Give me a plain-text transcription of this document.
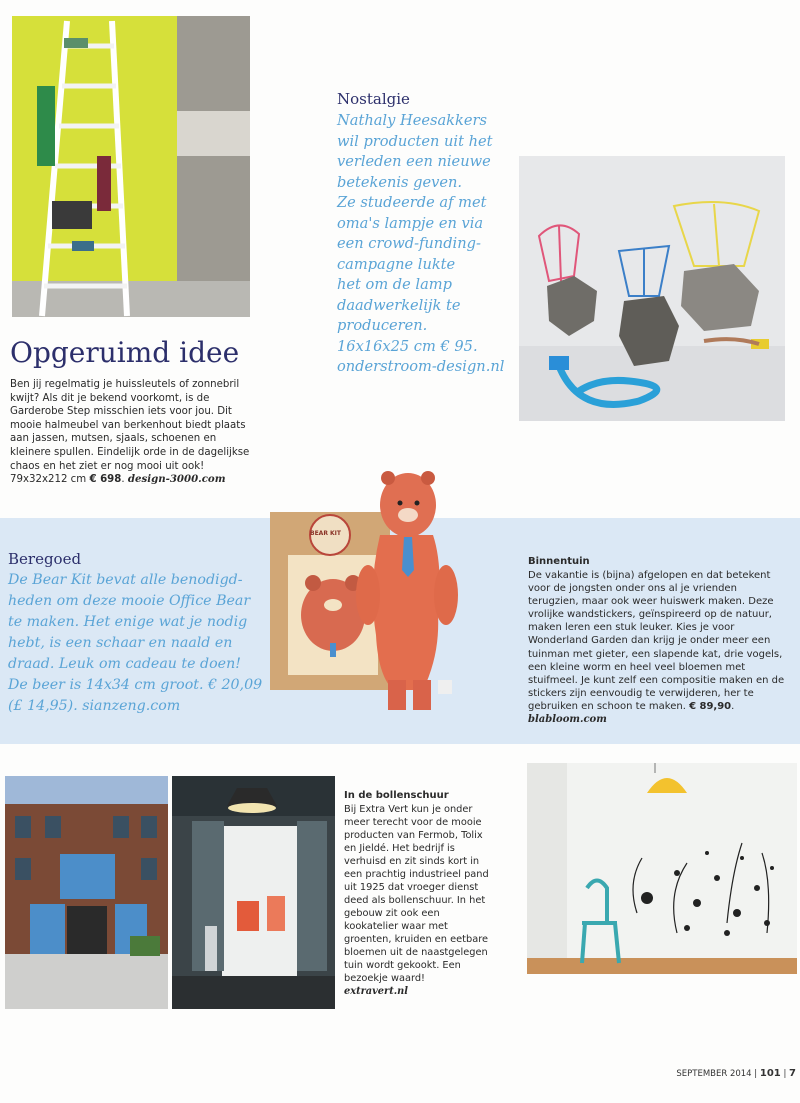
Opgeruimd idee
Ben jij regelmatig je huissleutels of zonnebril kwijt? Als dit je bekend voorkomt, is de Garderobe Step misschien iets voor jou. Dit mooie halmeubel van berkenhout biedt plaats aan jassen, mutsen, sjaals, schoenen en kleinere spullen. Eindelijk orde in de dagelijkse chaos en het ziet er nog mooi uit ook! 79x32x212 cm € 698. design-3000.com
Nostalgie
Nathaly Heesakkers
wil producten uit het
verleden een nieuwe
betekenis geven.
Ze studeerde af met
oma's lampje en via
een crowd-funding-
campagne lukte
het om de lamp
daadwerkelijk te
produceren.
16x16x25 cm € 95.
onderstroom-design.nl
BEAR KIT
Beregoed
De Bear Kit bevat alle benodigd-
heden om deze mooie Office Bear
te maken. Het enige wat je nodig
hebt, is een schaar en naald en
draad. Leuk om cadeau te doen!
De beer is 14x34 cm groot. € 20,09
(£ 14,95). sianzeng.com
Binnentuin
De vakantie is (bijna) afgelopen en dat betekent voor de jongsten onder ons al je vrienden terugzien, maar ook weer huiswerk maken. Deze vrolijke wandstickers, geïnspireerd op de natuur, maken leren een stuk leuker. Kies je voor Wonderland Garden dan krijg je onder meer een tuinman met gieter, een slapende kat, drie vogels, een kleine worm en heel veel bloemen met stuifmeel. Je kunt zelf een compositie maken en de stickers zijn eenvoudig te verwijderen, her te gebruiken en schoon te maken. € 89,90. blabloom.com
In de bollenschuur
Bij Extra Vert kun je onder meer terecht voor de mooie producten van Fermob, Tolix en Jieldé. Het bedrijf is verhuisd en zit sinds kort in een prachtig industrieel pand uit 1925 dat vroeger dienst deed als bollenschuur. In het gebouw zit ook een kookatelier waar met groenten, kruiden en eetbare bloemen uit de naastgelegen tuin wordt gekookt. Een bezoekje waard! extravert.nl
SEPTEMBER 2014 | 101 | 7
